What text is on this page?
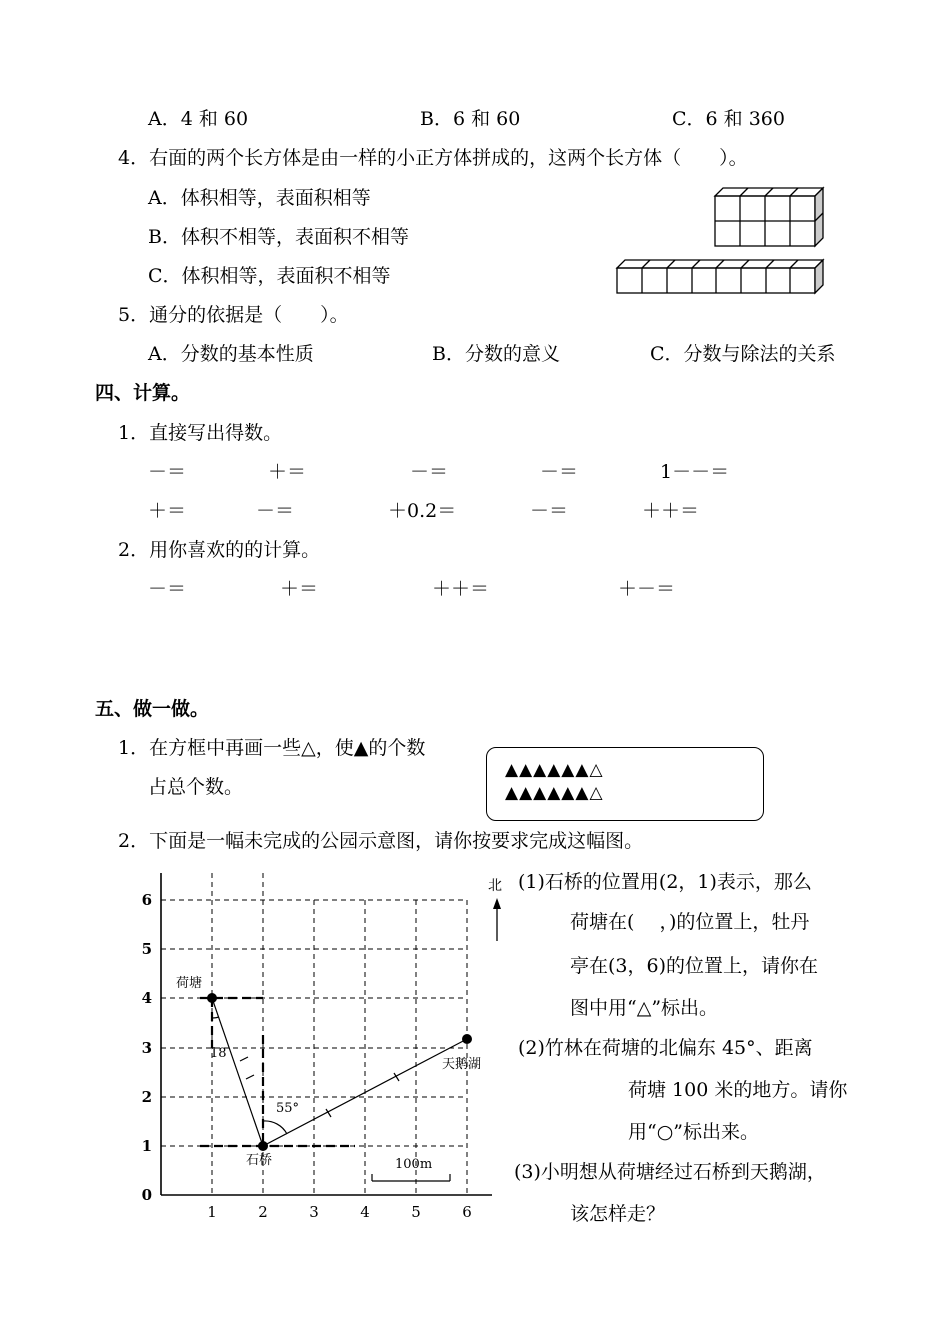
A．4 和 60	B．6 和 60	C．6 和 360
4．右面的两个长方体是由一样的小正方体拼成的，这两个长方体（　　）。
A．体积相等，表面积相等
B．体积不相等，表面积不相等
C．体积相等，表面积不相等
5．通分的依据是（　　）。
A．分数的基本性质	B．分数的意义	C．分数与除法的关系
四、计算。
1．直接写出得数。
－＝	＋＝	－＝	－＝	1－－＝
＋＝	－＝	＋0.2＝	－＝	＋＋＝
2．用你喜欢的的计算。
－＝	＋＝	＋＋＝	＋－＝
五、做一做。
1．在方框中再画一些△，使▲的个数
占总个数。
▲▲▲▲▲▲△
▲▲▲▲▲▲△
2．下面是一幅未完成的公园示意图，请你按要求完成这幅图。
(1)石桥的位置用(2，1)表示，那么
荷塘在(　 ，)的位置上，牡丹
亭在(3，6)的位置上，请你在
图中用“△”标出。
(2)竹林在荷塘的北偏东 45°、距离
荷塘 100 米的地方。请你
用“○”标出来。
(3)小明想从荷塘经过石桥到天鹅湖，
该怎样走？
0
1
2
3
4
5
6
1	2	3	4	5	6
荷塘
石桥
天鹅湖
18
55°
100m
北
